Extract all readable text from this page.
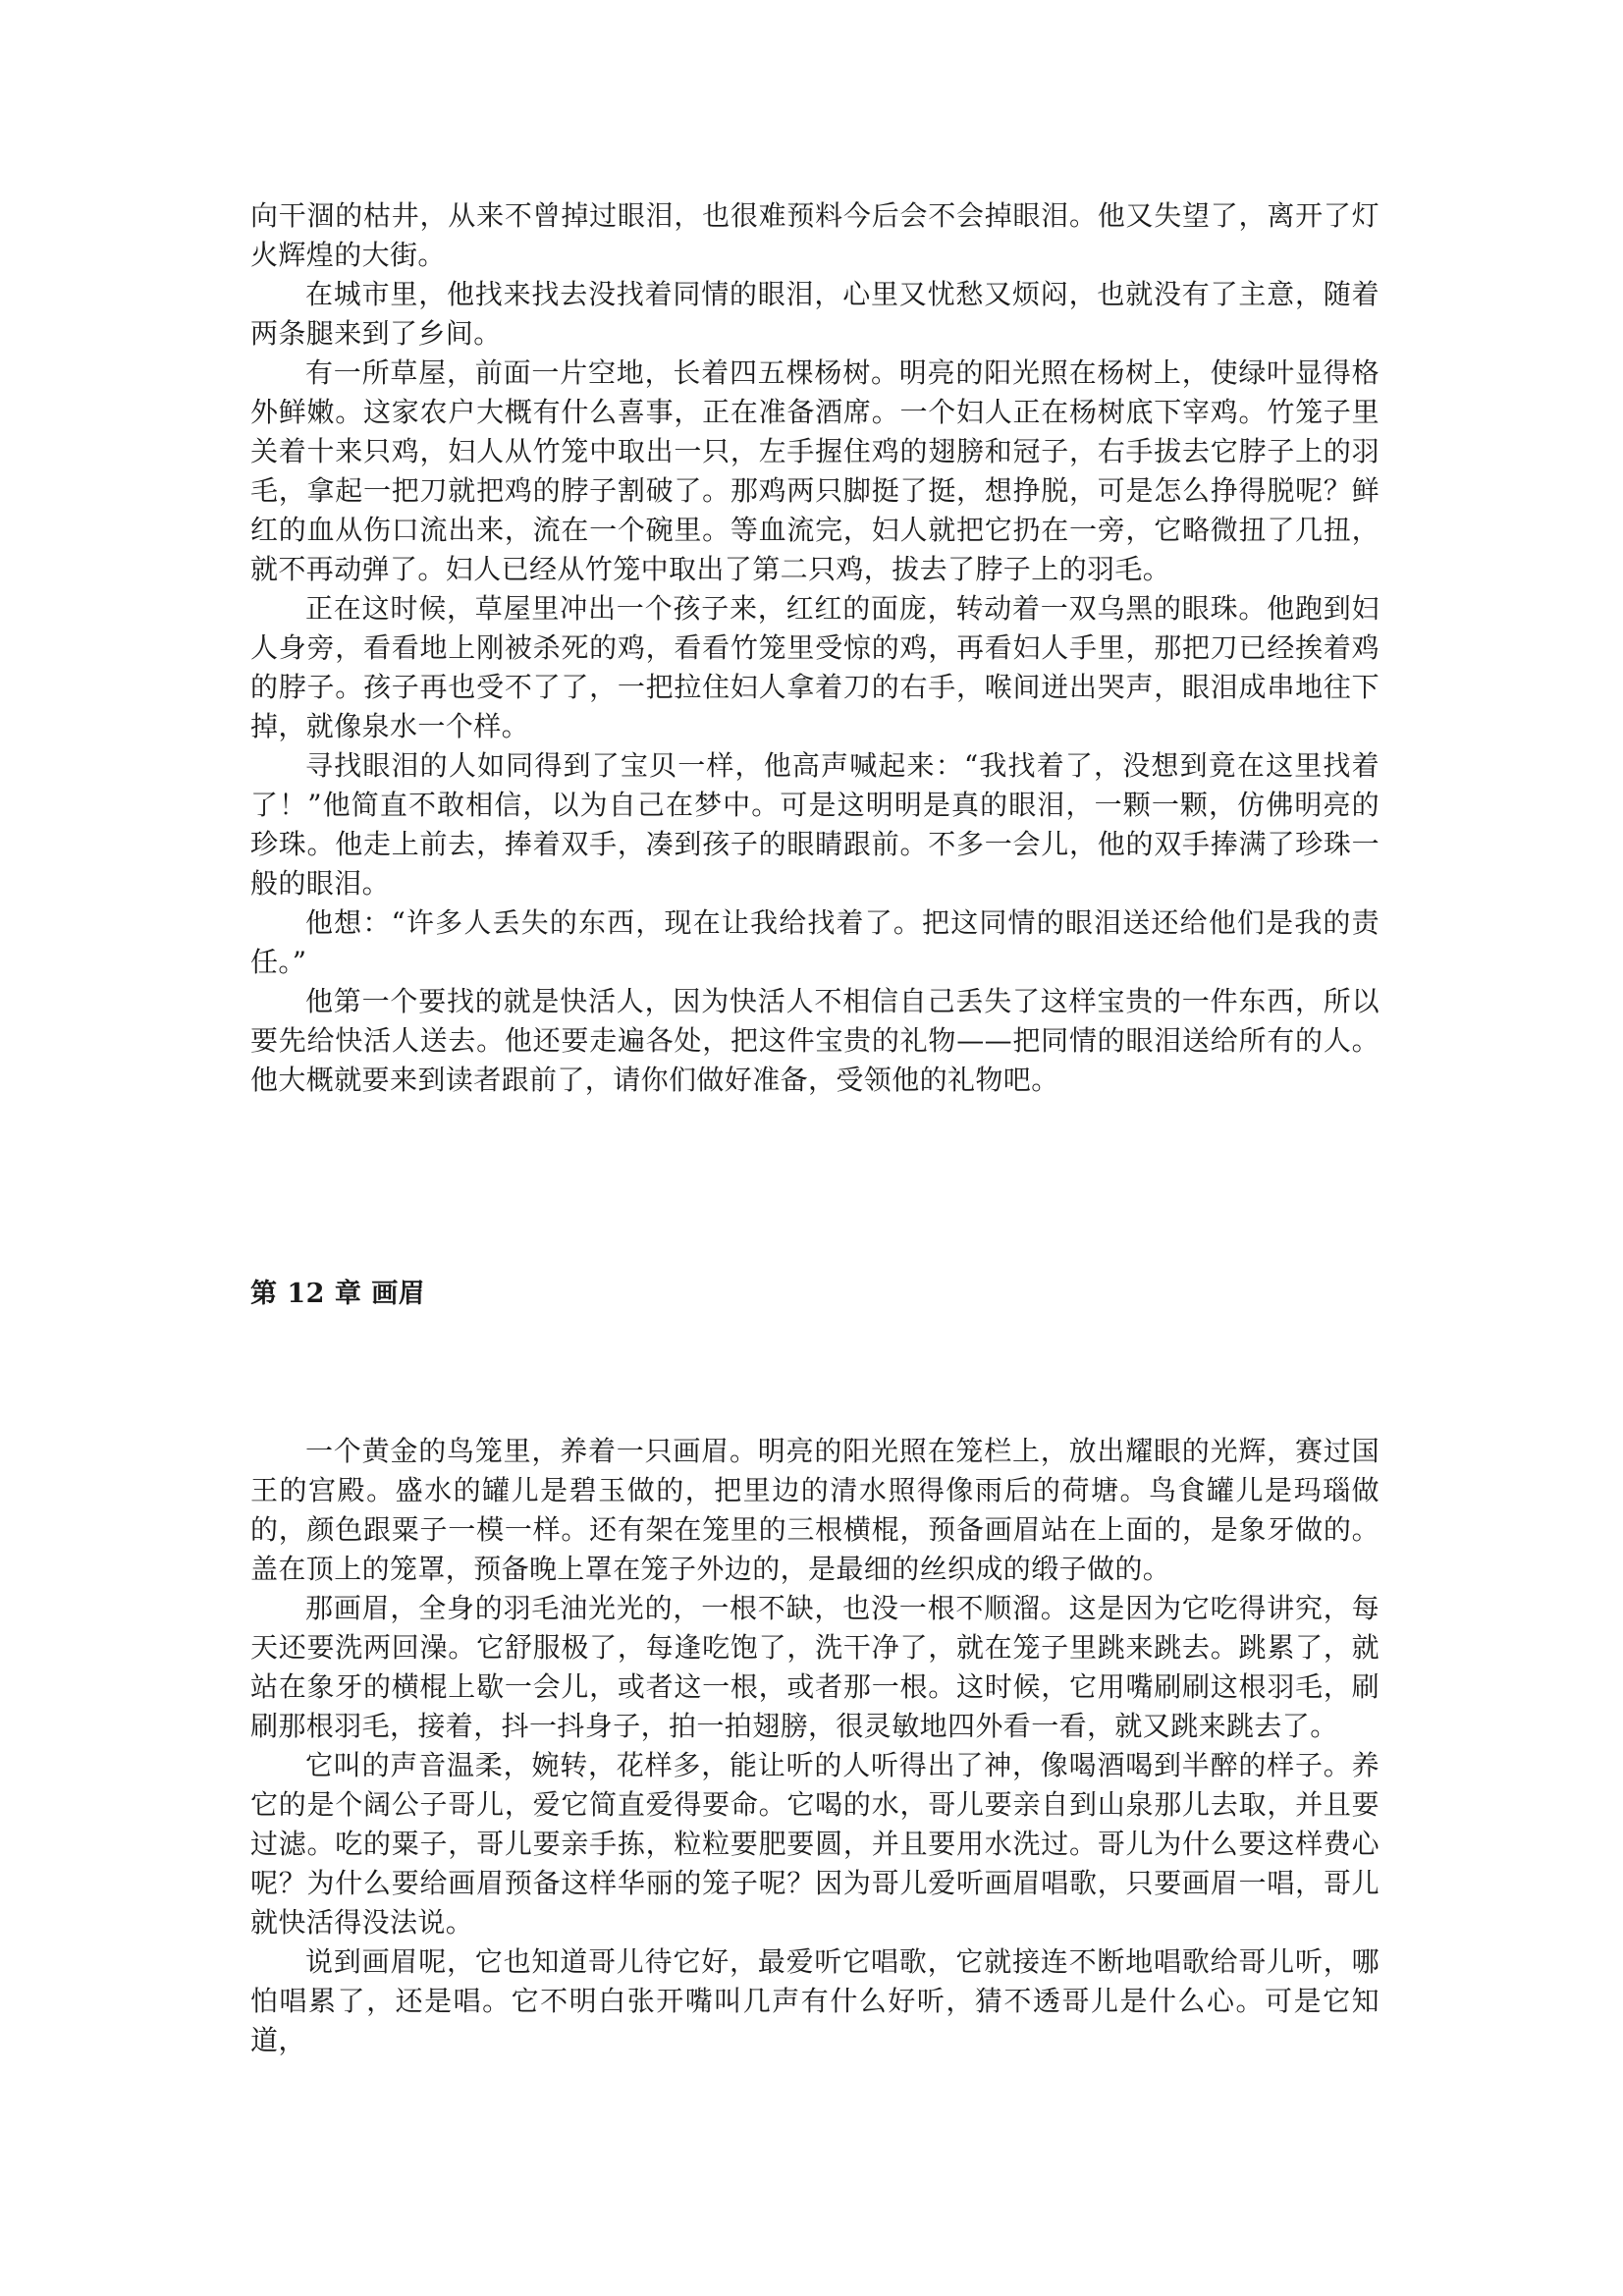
向干涸的枯井，从来不曾掉过眼泪，也很难预料今后会不会掉眼泪。他又失望了，离开了灯火辉煌的大街。

在城市里，他找来找去没找着同情的眼泪，心里又忧愁又烦闷，也就没有了主意，随着两条腿来到了乡间。

有一所草屋，前面一片空地，长着四五棵杨树。明亮的阳光照在杨树上，使绿叶显得格外鲜嫩。这家农户大概有什么喜事，正在准备酒席。一个妇人正在杨树底下宰鸡。竹笼子里关着十来只鸡，妇人从竹笼中取出一只，左手握住鸡的翅膀和冠子，右手拔去它脖子上的羽毛，拿起一把刀就把鸡的脖子割破了。那鸡两只脚挺了挺，想挣脱，可是怎么挣得脱呢？鲜红的血从伤口流出来，流在一个碗里。等血流完，妇人就把它扔在一旁，它略微扭了几扭，就不再动弹了。妇人已经从竹笼中取出了第二只鸡，拔去了脖子上的羽毛。

正在这时候，草屋里冲出一个孩子来，红红的面庞，转动着一双乌黑的眼珠。他跑到妇人身旁，看看地上刚被杀死的鸡，看看竹笼里受惊的鸡，再看妇人手里，那把刀已经挨着鸡的脖子。孩子再也受不了了，一把拉住妇人拿着刀的右手，喉间迸出哭声，眼泪成串地往下掉，就像泉水一个样。

寻找眼泪的人如同得到了宝贝一样，他高声喊起来：“我找着了，没想到竟在这里找着了！”他简直不敢相信，以为自己在梦中。可是这明明是真的眼泪，一颗一颗，仿佛明亮的珍珠。他走上前去，捧着双手，凑到孩子的眼睛跟前。不多一会儿，他的双手捧满了珍珠一般的眼泪。

他想：“许多人丢失的东西，现在让我给找着了。把这同情的眼泪送还给他们是我的责任。”

他第一个要找的就是快活人，因为快活人不相信自己丢失了这样宝贵的一件东西，所以要先给快活人送去。他还要走遍各处，把这件宝贵的礼物——把同情的眼泪送给所有的人。他大概就要来到读者跟前了，请你们做好准备，受领他的礼物吧。

第 12 章 画眉

一个黄金的鸟笼里，养着一只画眉。明亮的阳光照在笼栏上，放出耀眼的光辉，赛过国王的宫殿。盛水的罐儿是碧玉做的，把里边的清水照得像雨后的荷塘。鸟食罐儿是玛瑙做的，颜色跟粟子一模一样。还有架在笼里的三根横棍，预备画眉站在上面的，是象牙做的。盖在顶上的笼罩，预备晚上罩在笼子外边的，是最细的丝织成的缎子做的。

那画眉，全身的羽毛油光光的，一根不缺，也没一根不顺溜。这是因为它吃得讲究，每天还要洗两回澡。它舒服极了，每逢吃饱了，洗干净了，就在笼子里跳来跳去。跳累了，就站在象牙的横棍上歇一会儿，或者这一根，或者那一根。这时候，它用嘴刷刷这根羽毛，刷刷那根羽毛，接着，抖一抖身子，拍一拍翅膀，很灵敏地四外看一看，就又跳来跳去了。

它叫的声音温柔，婉转，花样多，能让听的人听得出了神，像喝酒喝到半醉的样子。养它的是个阔公子哥儿，爱它简直爱得要命。它喝的水，哥儿要亲自到山泉那儿去取，并且要过滤。吃的粟子，哥儿要亲手拣，粒粒要肥要圆，并且要用水洗过。哥儿为什么要这样费心呢？为什么要给画眉预备这样华丽的笼子呢？因为哥儿爱听画眉唱歌，只要画眉一唱，哥儿就快活得没法说。

说到画眉呢，它也知道哥儿待它好，最爱听它唱歌，它就接连不断地唱歌给哥儿听，哪怕唱累了，还是唱。它不明白张开嘴叫几声有什么好听，猜不透哥儿是什么心。可是它知道，
